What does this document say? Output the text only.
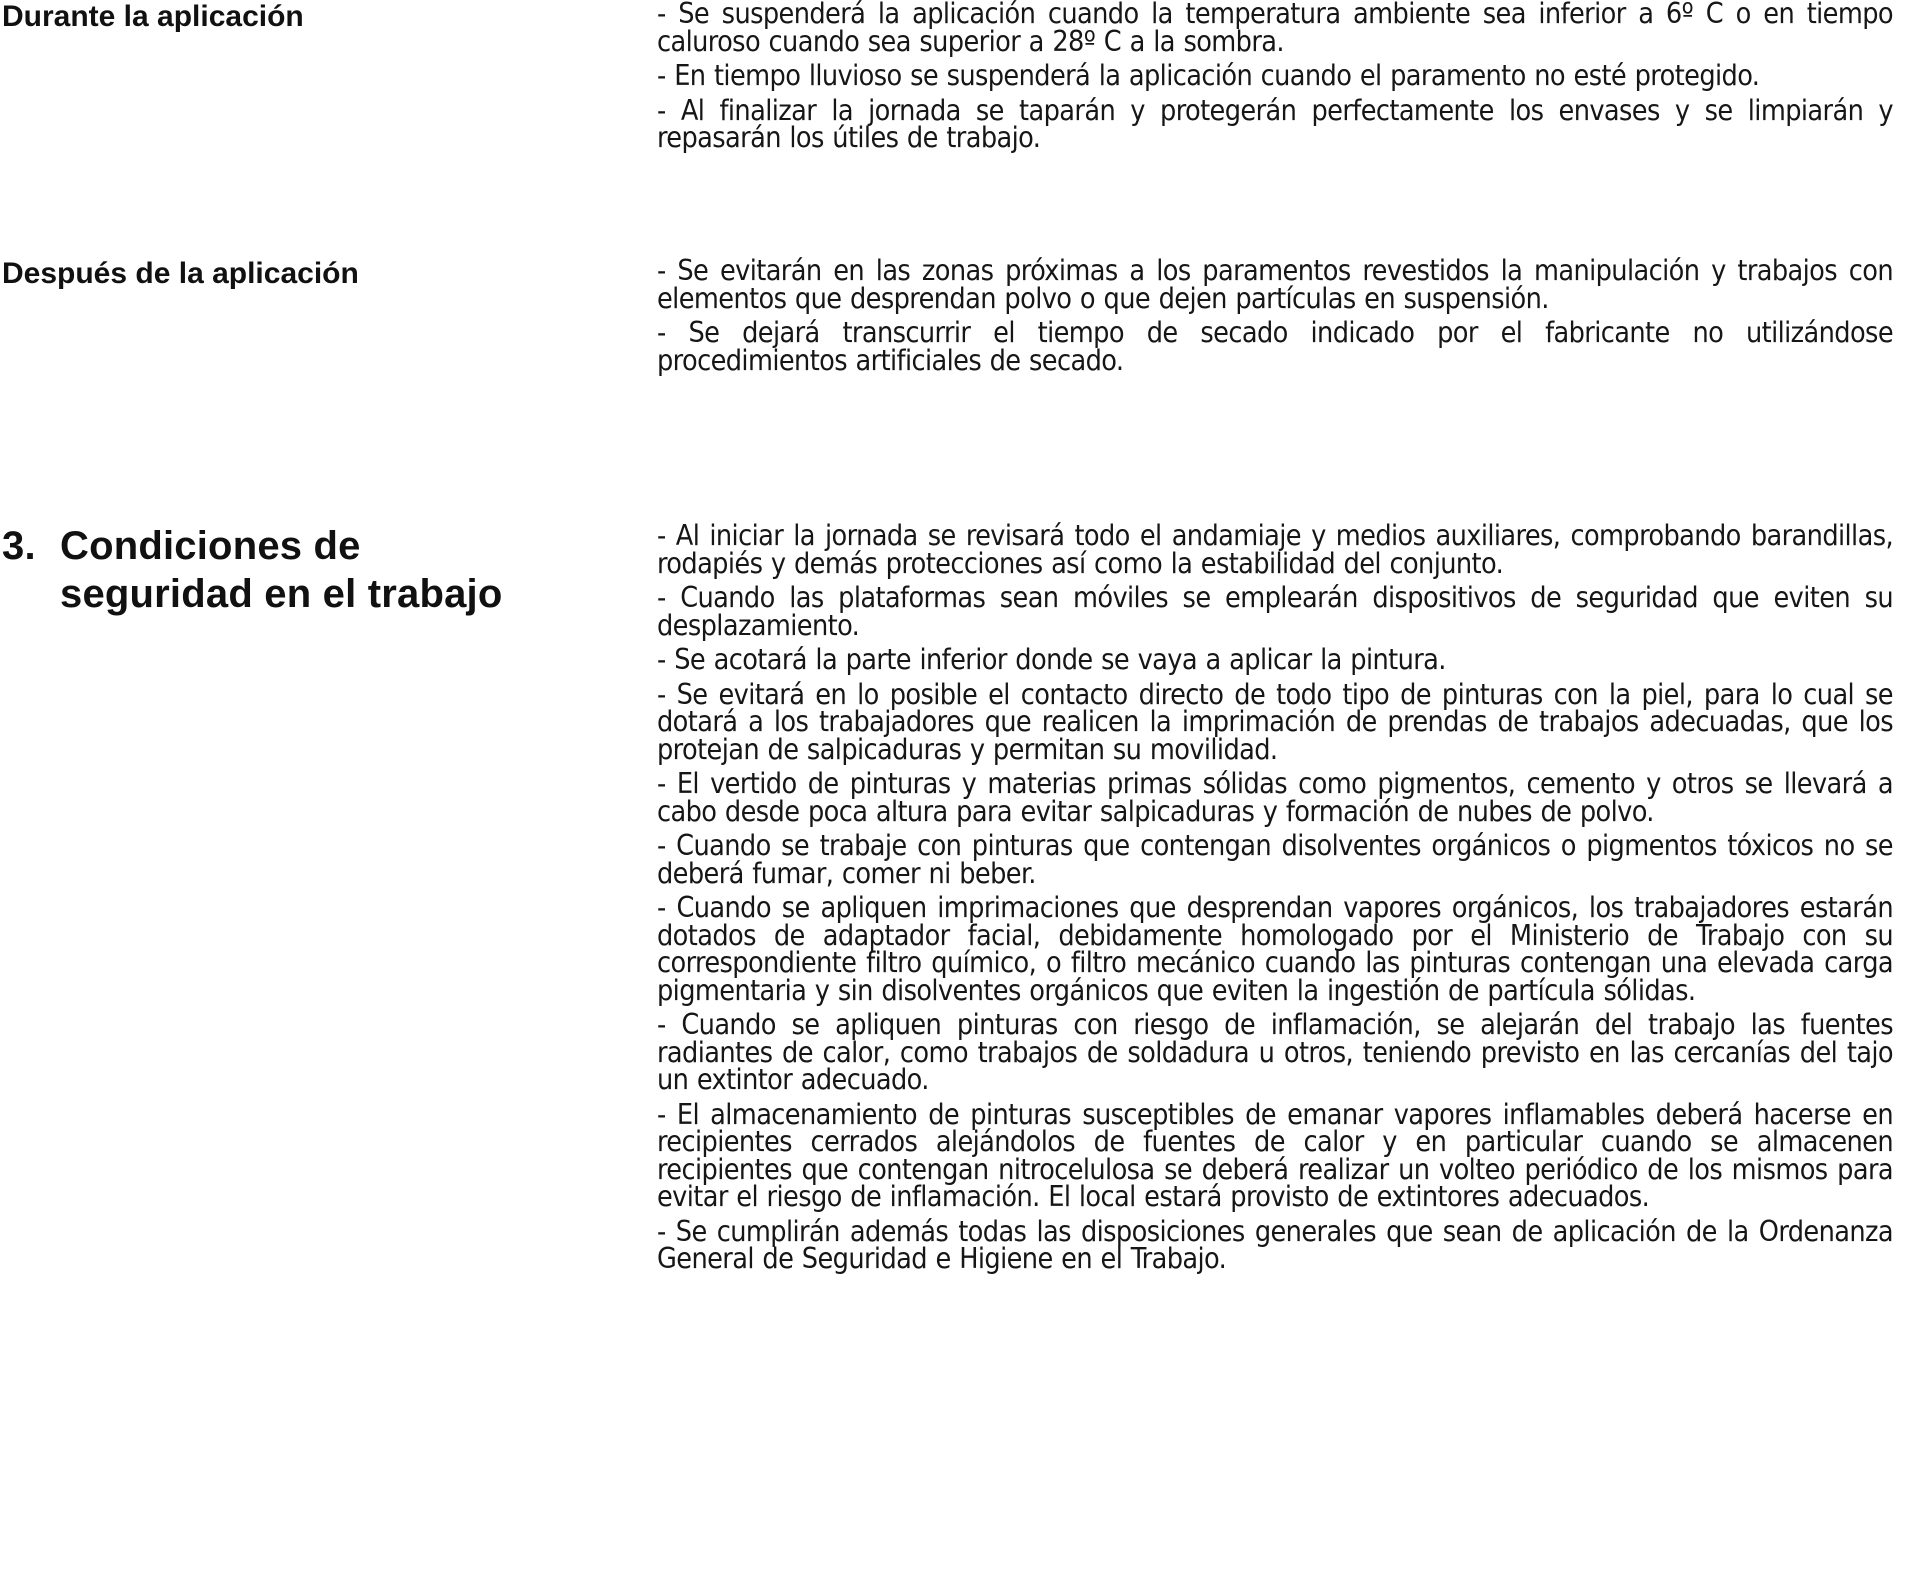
Durante la aplicación	- Se suspenderá la aplicación cuando la temperatura ambiente sea inferior a 6º C o en tiempo caluroso cuando sea superior a 28º C a la sombra.

- En tiempo lluvioso se suspenderá la aplicación cuando el paramento no esté protegido.

- Al finalizar la jornada se taparán y protegerán perfectamente los envases y se limpiarán y repasarán los útiles de trabajo.

Después de la aplicación	- Se evitarán en las zonas próximas a los paramentos revestidos la manipulación y trabajos con elementos que desprendan polvo o que dejen partículas en suspensión.

- Se dejará transcurrir el tiempo de secado indicado por el fabricante no utilizándose procedimientos artificiales de secado.

3. Condiciones de
seguridad en el trabajo

- Al iniciar la jornada se revisará todo el andamiaje y medios auxiliares, comprobando barandillas, rodapiés y demás protecciones así como la estabilidad del conjunto.

- Cuando las plataformas sean móviles se emplearán dispositivos de seguridad que eviten su desplazamiento.

- Se acotará la parte inferior donde se vaya a aplicar la pintura.

- Se evitará en lo posible el contacto directo de todo tipo de pinturas con la piel, para lo cual se dotará a los trabajadores que realicen la imprimación de prendas de trabajos adecuadas, que los protejan de salpicaduras y permitan su movilidad.

- El vertido de pinturas y materias primas sólidas como pigmentos, cemento y otros se llevará a cabo desde poca altura para evitar salpicaduras y formación de nubes de polvo.

- Cuando se trabaje con pinturas que contengan disolventes orgánicos o pigmentos tóxicos no se deberá fumar, comer ni beber.

- Cuando se apliquen imprimaciones que desprendan vapores orgánicos, los trabajadores estarán dotados de adaptador facial, debidamente homologado por el Ministerio de Trabajo con su correspondiente filtro químico, o filtro mecánico cuando las pinturas contengan una elevada carga pigmentaria y sin disolventes orgánicos que eviten la ingestión de partícula sólidas.

- Cuando se apliquen pinturas con riesgo de inflamación, se alejarán del trabajo las fuentes radiantes de calor, como trabajos de soldadura u otros, teniendo previsto en las cercanías del tajo un extintor adecuado.

- El almacenamiento de pinturas susceptibles de emanar vapores inflamables deberá hacerse en recipientes cerrados alejándolos de fuentes de calor y en particular cuando se almacenen recipientes que contengan nitrocelulosa se deberá realizar un volteo periódico de los mismos para evitar el riesgo de inflamación. El local estará provisto de extintores adecuados.

- Se cumplirán además todas las disposiciones generales que sean de aplicación de la Ordenanza General de Seguridad e Higiene en el Trabajo.
